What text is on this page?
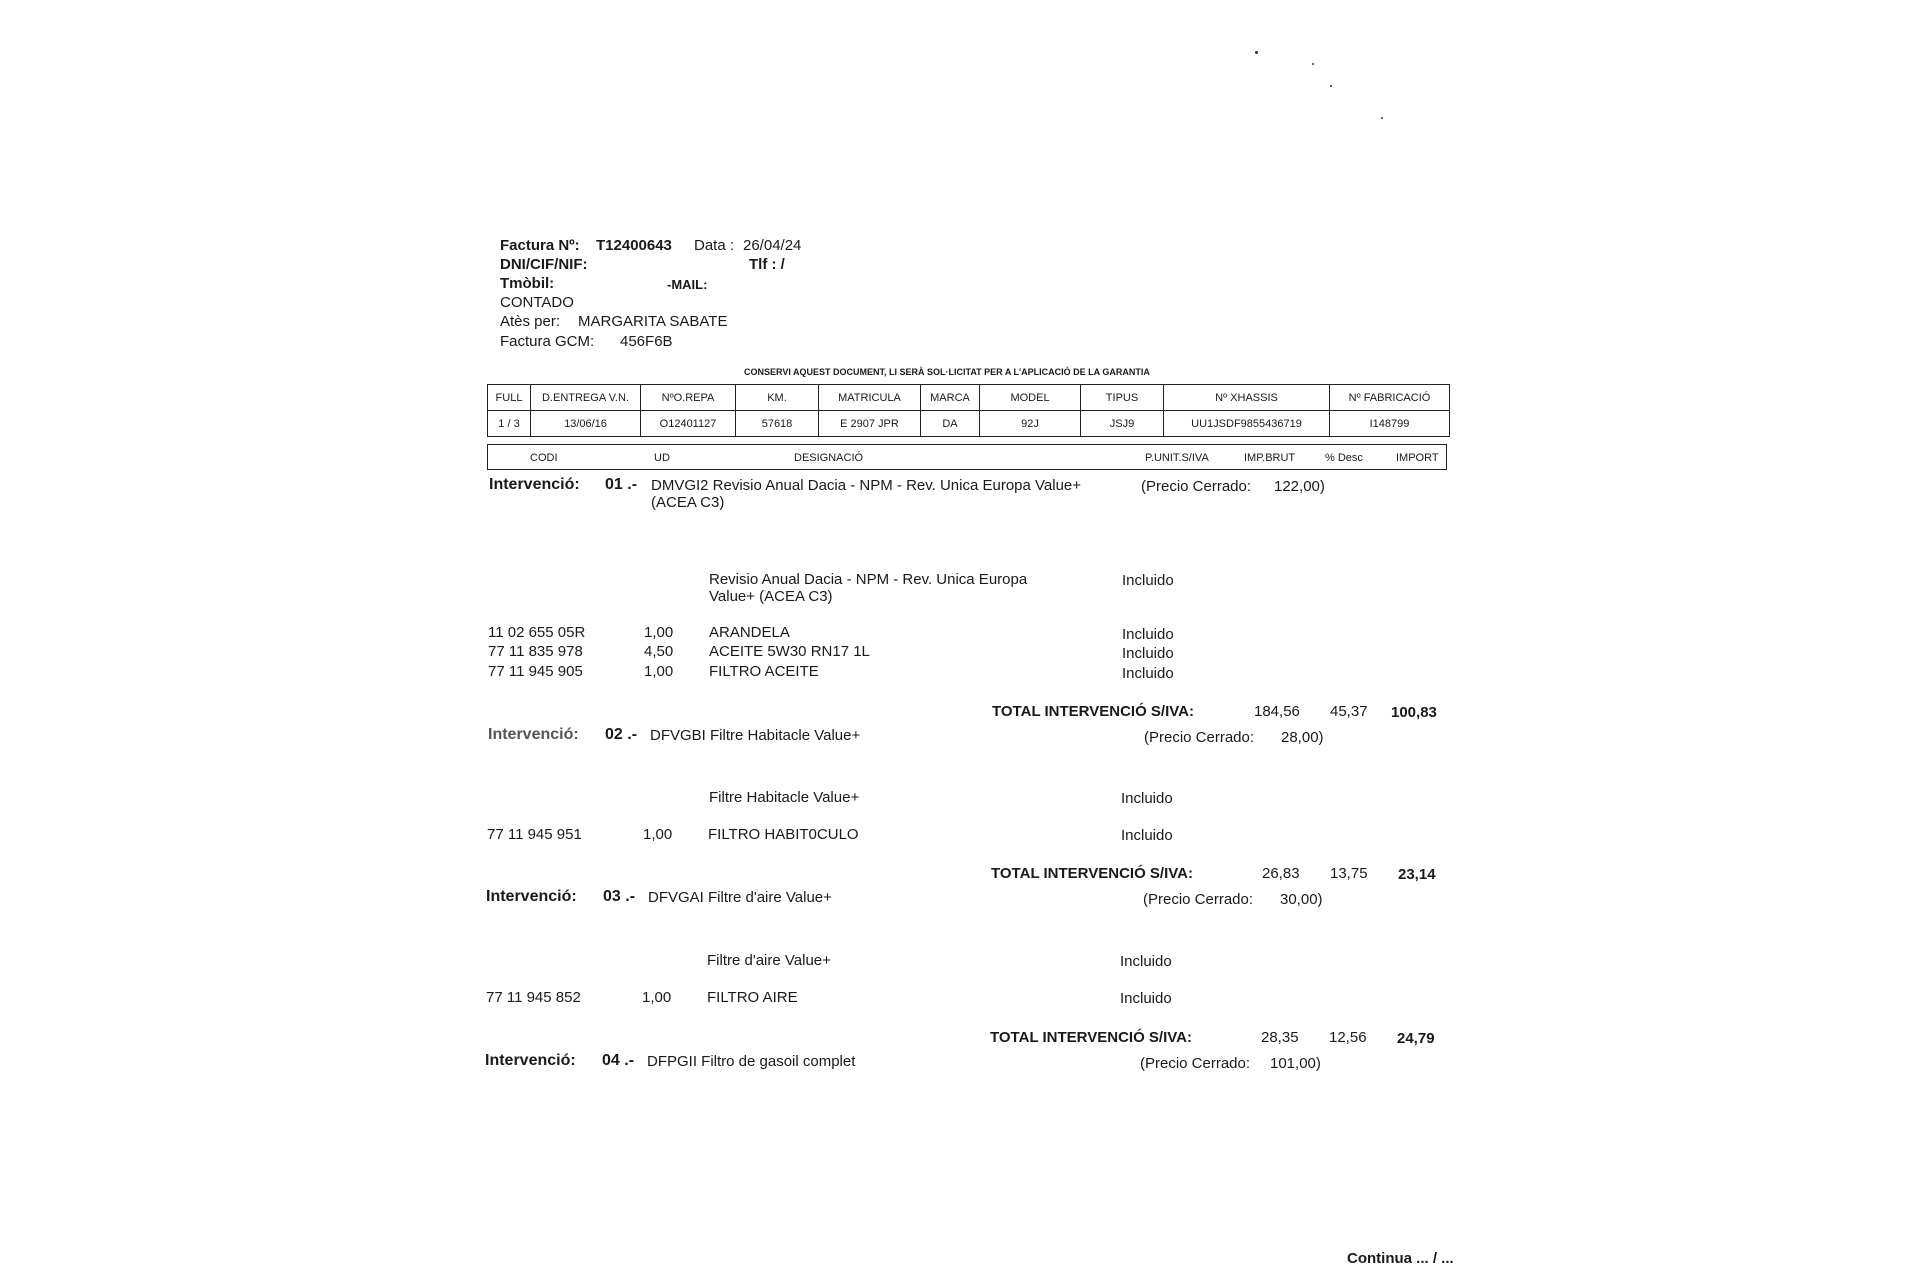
Factura Nº: T12400643 Data : 26/04/24
DNI/CIF/NIF:	Tlf : /
Tmòbil:	-MAIL:
CONTADO
Atès per: MARGARITA SABATE
Factura GCM: 456F6B
CONSERVI AQUEST DOCUMENT, LI SERÀ SOL·LICITAT PER A L'APLICACIÓ DE LA GARANTIA
FULL	D.ENTREGA V.N.	NºO.REPA	KM.	MATRICULA	MARCA	MODEL	TIPUS	Nº XHASSIS	Nº FABRICACIÓ
1 / 3	13/06/16	O12401127	57618	E 2907 JPR	DA	92J	JSJ9	UU1JSDF9855436719	I148799
CODI	UD	DESIGNACIÓ	P.UNIT.S/IVA	IMP.BRUT	% Desc	IMPORT
Intervenció: 01 .- DMVGI2 Revisio Anual Dacia - NPM - Rev. Unica Europa Value+
(ACEA C3)
(Precio Cerrado: 122,00)
Revisio Anual Dacia - NPM - Rev. Unica Europa
Value+ (ACEA C3)
Incluido
11 02 655 05R	1,00 ARANDELA	Incluido
77 11 835 978	4,50 ACEITE 5W30 RN17 1L	Incluido
77 11 945 905	1,00 FILTRO ACEITE	Incluido
TOTAL INTERVENCIÓ S/IVA:	184,56 45,37 100,83
Intervenció: 02 .- DFVGBI Filtre Habitacle Value+	(Precio Cerrado: 28,00)
Filtre Habitacle Value+	Incluido
77 11 945 951	1,00 FILTRO HABIT0CULO	Incluido
TOTAL INTERVENCIÓ S/IVA:	26,83 13,75 23,14
Intervenció: 03 .- DFVGAI Filtre d'aire Value+	(Precio Cerrado: 30,00)
Filtre d'aire Value+	Incluido
77 11 945 852	1,00 FILTRO AIRE	Incluido
TOTAL INTERVENCIÓ S/IVA:	28,35 12,56 24,79
Intervenció: 04 .- DFPGII Filtro de gasoil complet	(Precio Cerrado: 101,00)
Continua ... / ...
